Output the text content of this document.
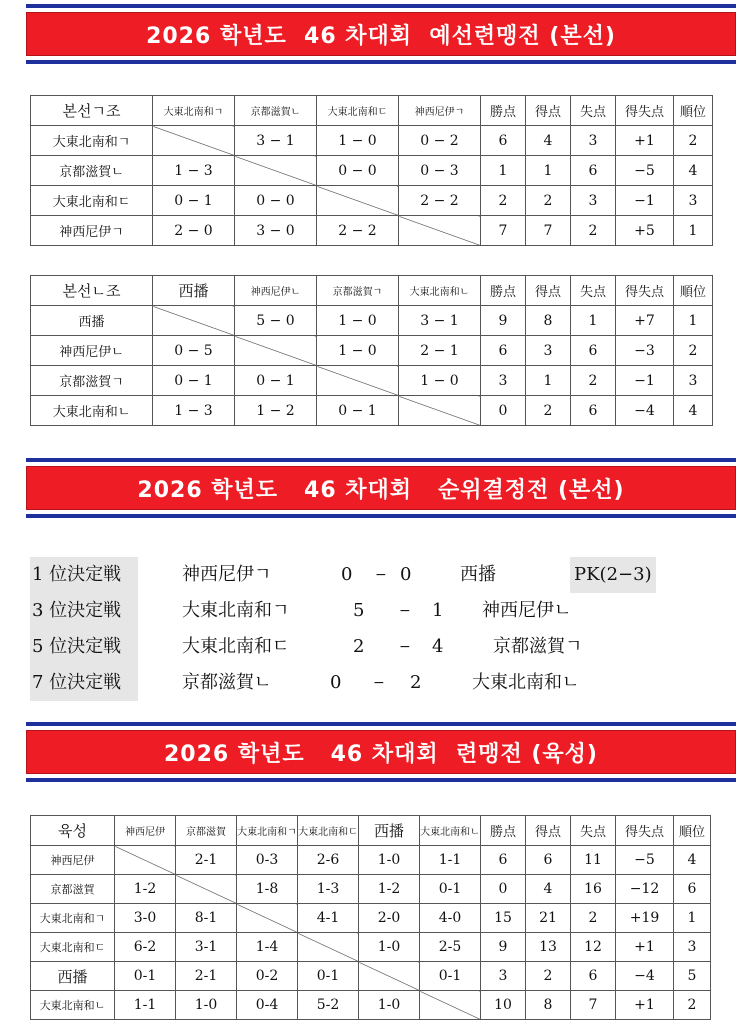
2026 학년도  46 차대회  예선련맹전 (본선)
본선ㄱ조	大東北南和ㄱ	京都滋賀ㄴ	大東北南和ㄷ	神西尼伊ㄱ	勝点	得点	失点	得失点	順位
大東北南和ㄱ		3 − 1	1 − 0	0 − 2	6	4	3	+1	2
京都滋賀ㄴ	1 − 3		0 − 0	0 − 3	1	1	6	−5	4
大東北南和ㄷ	0 − 1	0 − 0		2 − 2	2	2	3	−1	3
神西尼伊ㄱ	2 − 0	3 − 0	2 − 2		7	7	2	+5	1
본선ㄴ조	西播	神西尼伊ㄴ	京都滋賀ㄱ	大東北南和ㄴ	勝点	得点	失点	得失点	順位
西播		5 − 0	1 − 0	3 − 1	9	8	1	+7	1
神西尼伊ㄴ	0 − 5		1 − 0	2 − 1	6	3	6	−3	2
京都滋賀ㄱ	0 − 1	0 − 1		1 − 0	3	1	2	−1	3
大東北南和ㄴ	1 − 3	1 − 2	0 − 1		0	2	6	−4	4
2026 학년도   46 차대회   순위결정전 (본선)
1 位決定戦	神西尼伊ㄱ	0 − 0	西播	PK(2−3)
3 位決定戦	大東北南和ㄱ	5 − 1 神西尼伊ㄴ
5 位決定戦	大東北南和ㄷ	2 − 4	京都滋賀ㄱ
7 位決定戦	京都滋賀ㄴ	0 − 2	大東北南和ㄴ
2026 학년도   46 차대회  련맹전 (육성)
육성	神西尼伊	京都滋賀	大東北南和ㄱ	大東北南和ㄷ	西播	大東北南和ㄴ	勝点	得点	失点	得失点	順位
神西尼伊		2-1	0-3	2-6	1-0	1-1	6	6	11	−5	4
京都滋賀	1-2		1-8	1-3	1-2	0-1	0	4	16	−12	6
大東北南和ㄱ	3-0	8-1		4-1	2-0	4-0	15	21	2	+19	1
大東北南和ㄷ	6-2	3-1	1-4		1-0	2-5	9	13	12	+1	3
西播	0-1	2-1	0-2	0-1		0-1	3	2	6	−4	5
大東北南和ㄴ	1-1	1-0	0-4	5-2	1-0		10	8	7	+1	2
